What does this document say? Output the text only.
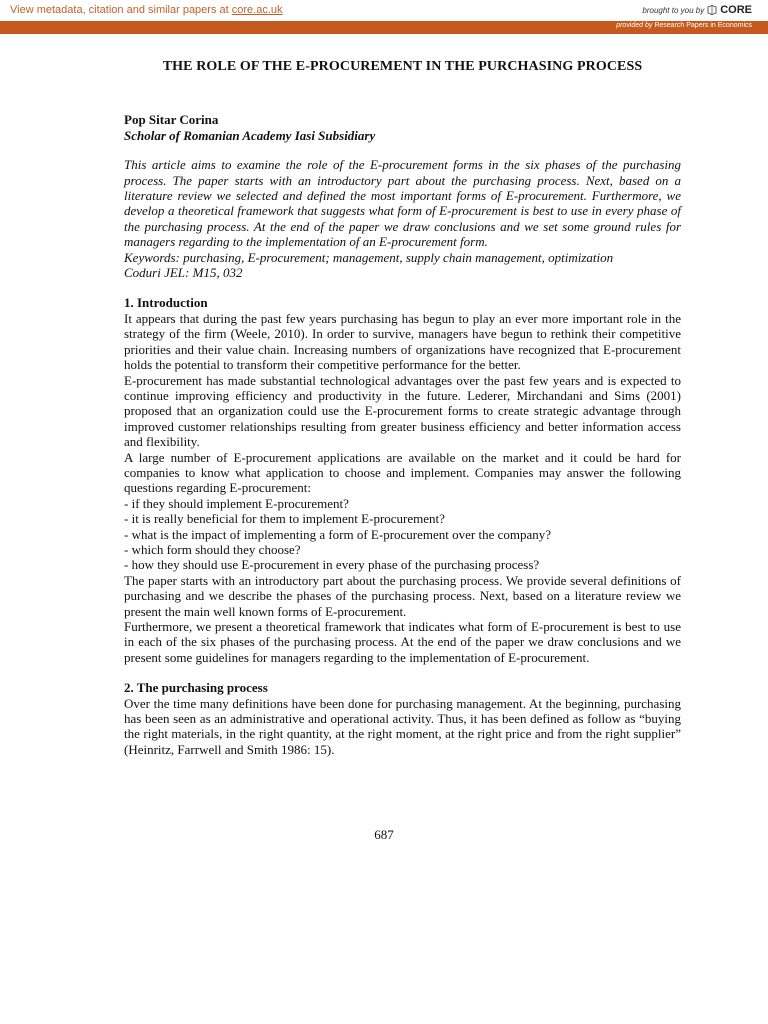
View metadata, citation and similar papers at core.ac.uk	brought to you by CORE
provided by Research Papers in Economics
THE ROLE OF THE E-PROCUREMENT IN THE PURCHASING PROCESS
Pop Sitar Corina
Scholar of Romanian Academy Iasi Subsidiary

This article aims to examine the role of the E-procurement forms in the six phases of the purchasing process. The paper starts with an introductory part about the purchasing process. Next, based on a literature review we selected and defined the most important forms of E-procurement. Furthermore, we develop a theoretical framework that suggests what form of E-procurement is best to use in every phase of the purchasing process. At the end of the paper we draw conclusions and we set some ground rules for managers regarding to the implementation of an E-procurement form.

Keywords: purchasing, E-procurement; management, supply chain management, optimization
Coduri JEL: M15, 032
1. Introduction

It appears that during the past few years purchasing has begun to play an ever more important role in the strategy of the firm (Weele, 2010). In order to survive, managers have begun to rethink their competitive priorities and their value chain. Increasing numbers of organizations have recognized that E-procurement holds the potential to transform their competitive performance for the better.

E-procurement has made substantial technological advantages over the past few years and is expected to continue improving efficiency and productivity in the future. Lederer, Mirchandani and Sims (2001) proposed that an organization could use the E-procurement forms to create strategic advantage through improved customer relationships resulting from greater business efficiency and better information access and flexibility.

A large number of E-procurement applications are available on the market and it could be hard for companies to know what application to choose and implement. Companies may answer the following questions regarding E-procurement:

- if they should implement E-procurement?
- it is really beneficial for them to implement E-procurement?
- what is the impact of implementing a form of E-procurement over the company?
- which form should they choose?
- how they should use E-procurement in every phase of the purchasing process?

The paper starts with an introductory part about the purchasing process. We provide several definitions of purchasing and we describe the phases of the purchasing process. Next, based on a literature review we present the main well known forms of E-procurement.

Furthermore, we present a theoretical framework that indicates what form of E-procurement is best to use in each of the six phases of the purchasing process. At the end of the paper we draw conclusions and we present some guidelines for managers regarding to the implementation of E-procurement.

2. The purchasing process

Over the time many definitions have been done for purchasing management. At the beginning, purchasing has been seen as an administrative and operational activity. Thus, it has been defined as follow as “buying the right materials, in the right quantity, at the right moment, at the right price and from the right supplier” (Heinritz, Farrwell and Smith 1986: 15).

687
